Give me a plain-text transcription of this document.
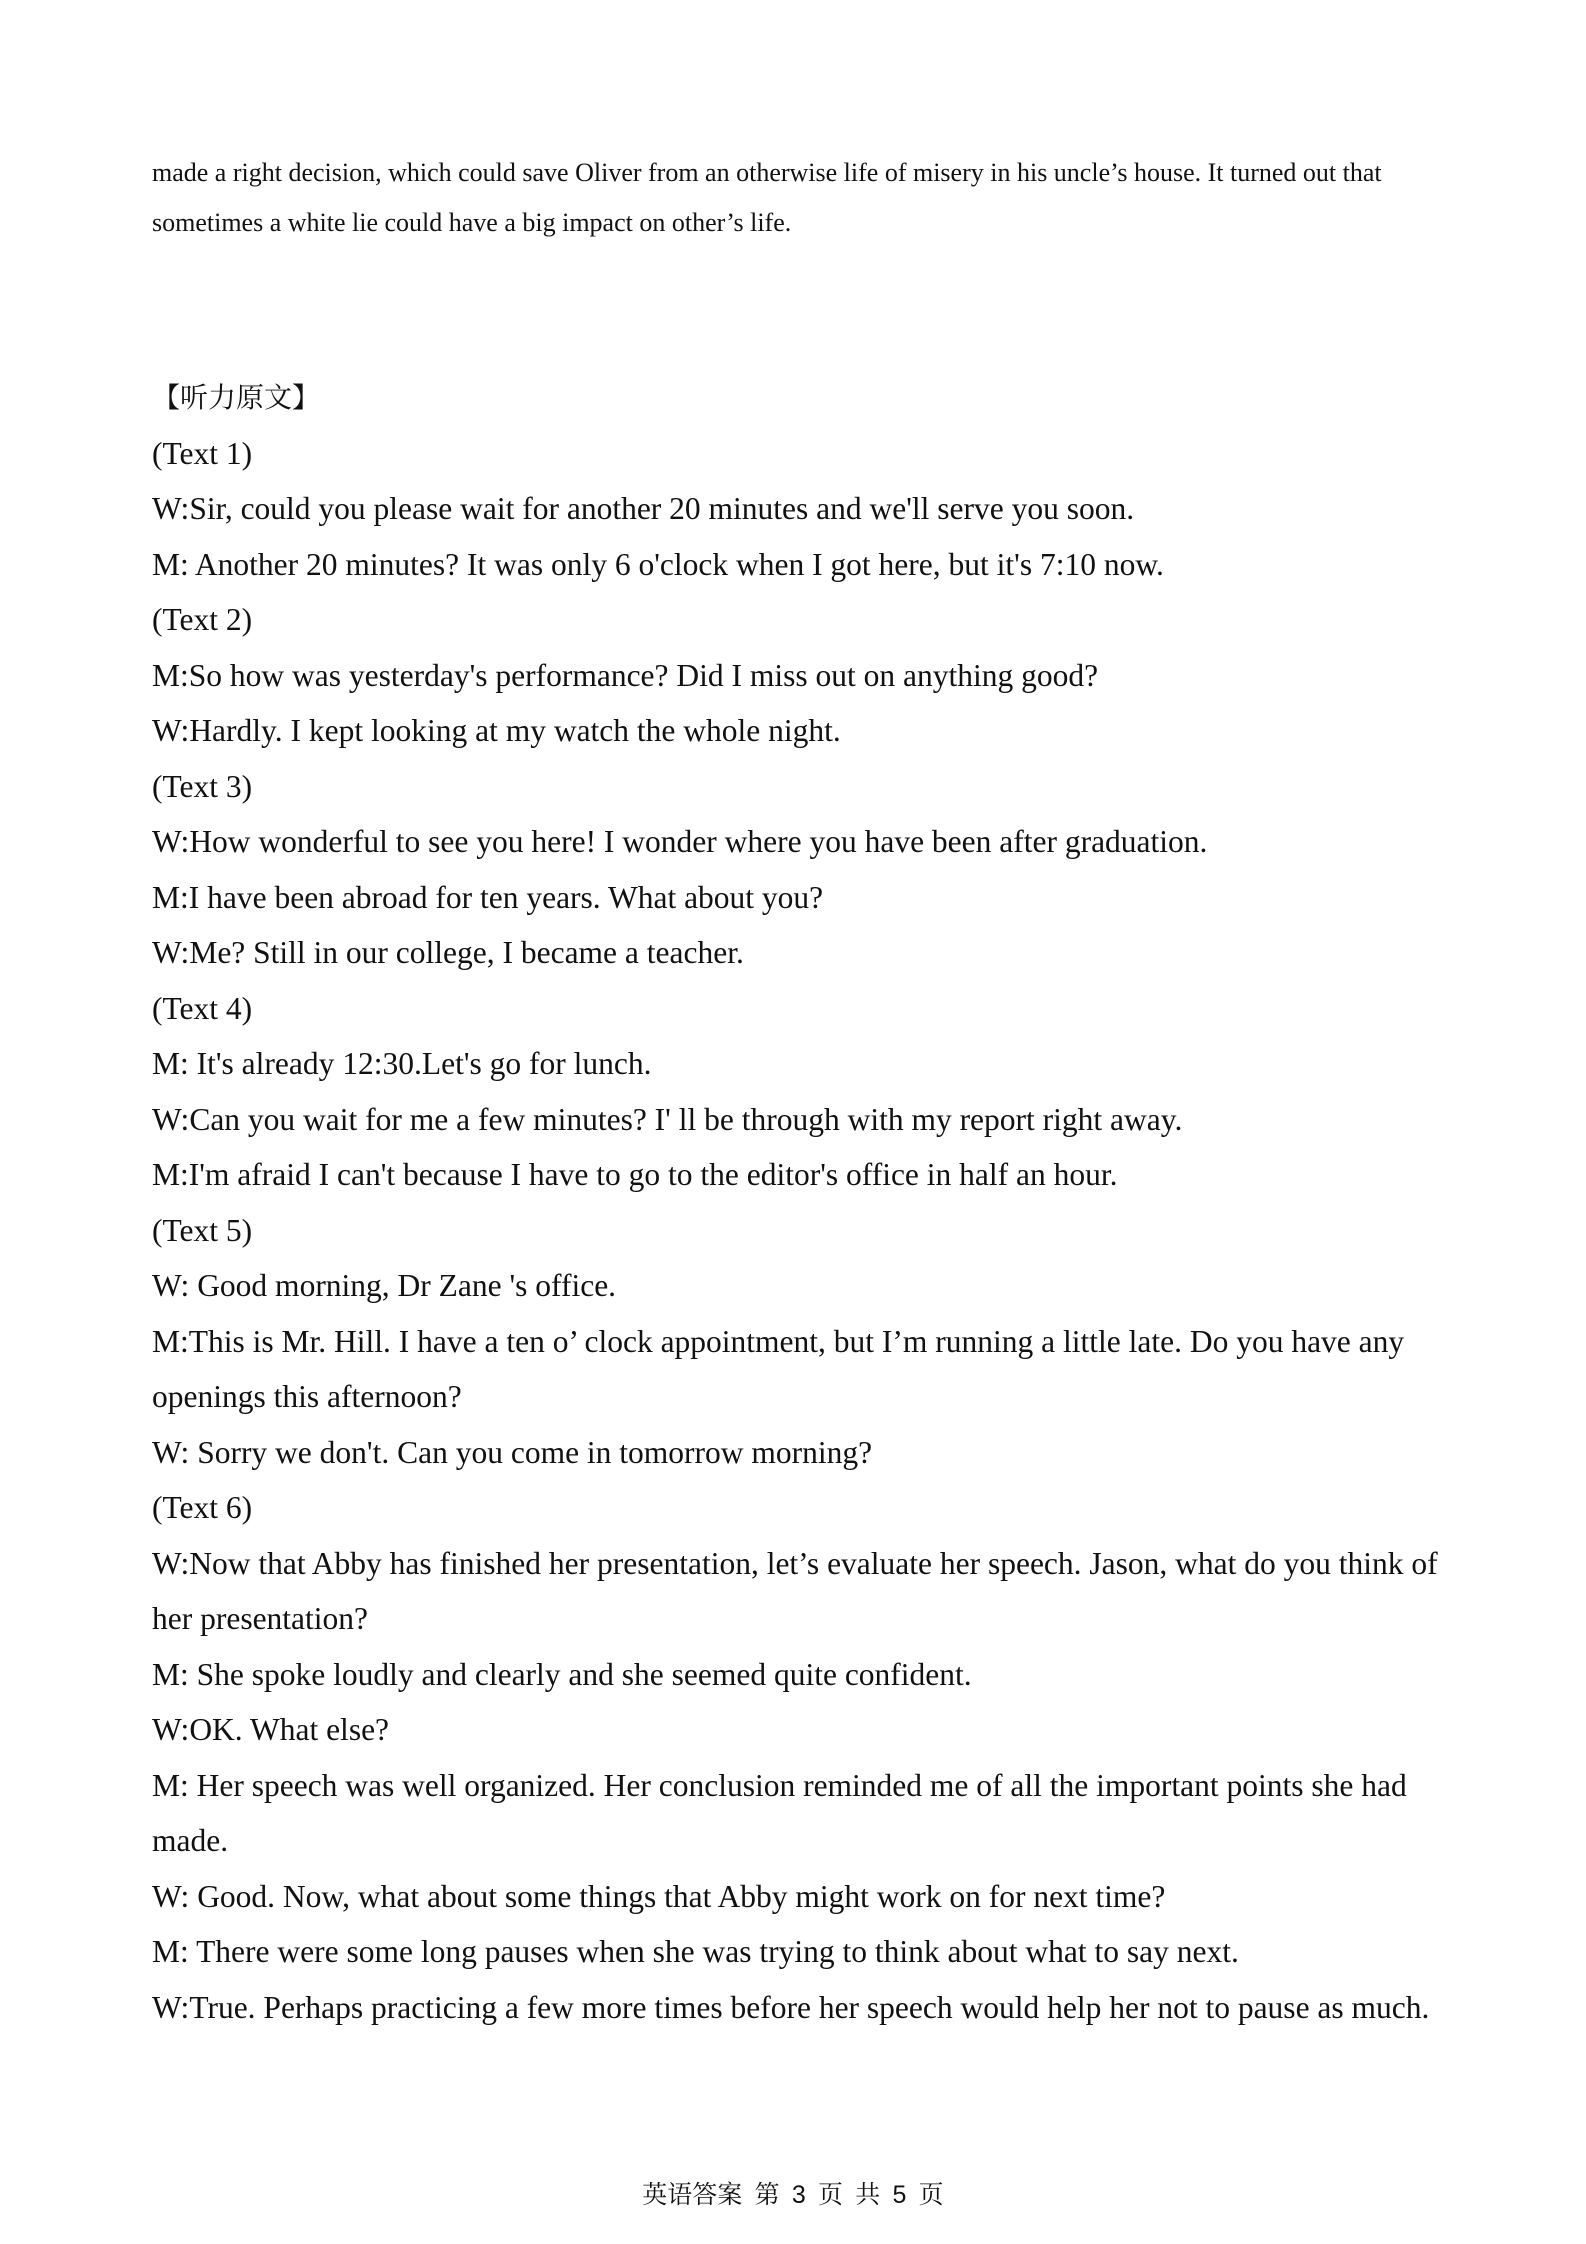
made a right decision, which could save Oliver from an otherwise life of misery in his uncle’s house. It turned out that sometimes a white lie could have a big impact on other’s life.

【听力原文】

(Text 1)

W:Sir, could you please wait for another 20 minutes and we'll serve you soon.

M: Another 20 minutes? It was only 6 o'clock when I got here, but it's 7:10 now.

(Text 2)

M:So how was yesterday's performance? Did I miss out on anything good?

W:Hardly. I kept looking at my watch the whole night.

(Text 3)

W:How wonderful to see you here! I wonder where you have been after graduation.

M:I have been abroad for ten years. What about you?

W:Me? Still in our college, I became a teacher.

(Text 4)

M: It's already 12:30.Let's go for lunch.

W:Can you wait for me a few minutes? I' ll be through with my report right away.

M:I'm afraid I can't because I have to go to the editor's office in half an hour.

(Text 5)

W: Good morning, Dr Zane 's office.

M:This is Mr. Hill. I have a ten o’ clock appointment, but I’m running a little late. Do you have any openings this afternoon?

W: Sorry we don't. Can you come in tomorrow morning?

(Text 6)

W:Now that Abby has finished her presentation, let’s evaluate her speech. Jason, what do you think of her presentation?

M: She spoke loudly and clearly and she seemed quite confident.

W:OK. What else?

M: Her speech was well organized. Her conclusion reminded me of all the important points she had made.

W: Good. Now, what about some things that Abby might work on for next time?

M: There were some long pauses when she was trying to think about what to say next.

W:True. Perhaps practicing a few more times before her speech would help her not to pause as much.

英语答案 第 3 页 共 5 页
